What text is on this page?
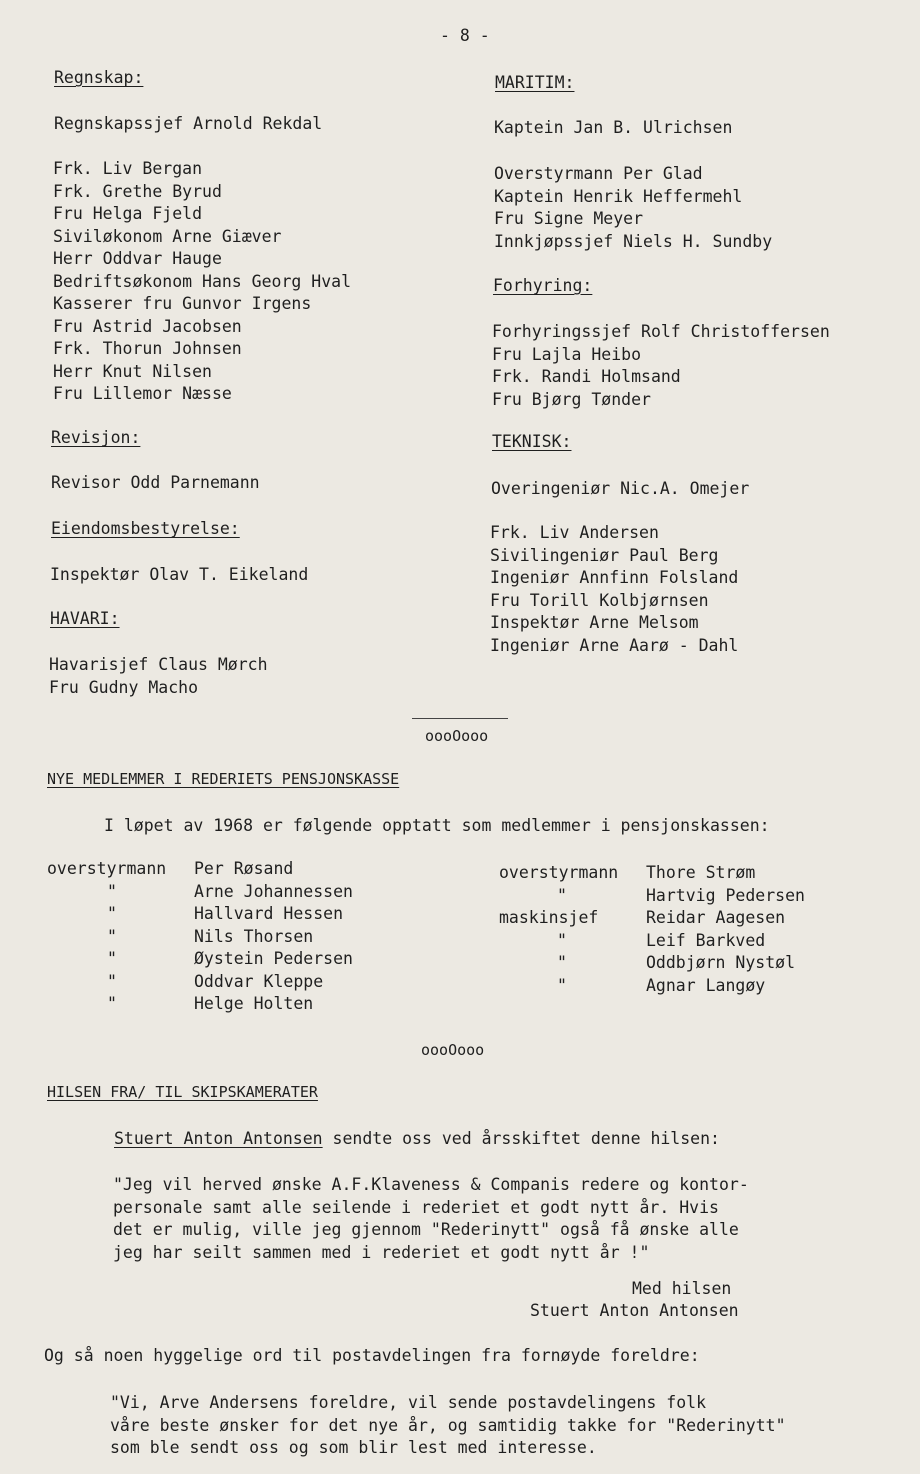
- 8 -
Regnskap:
Regnskapssjef Arnold Rekdal
Frk. Liv Bergan
Frk. Grethe Byrud
Fru Helga Fjeld
Siviløkonom Arne Giæver
Herr Oddvar Hauge
Bedriftsøkonom Hans Georg Hval
Kasserer fru Gunvor Irgens
Fru Astrid Jacobsen
Frk. Thorun Johnsen
Herr Knut Nilsen
Fru Lillemor Næsse
Revisjon:
Revisor Odd Parnemann
Eiendomsbestyrelse:
Inspektør Olav T. Eikeland
HAVARI:
Havarisjef Claus Mørch
Fru Gudny Macho
MARITIM:
Kaptein Jan B. Ulrichsen
Overstyrmann Per Glad
Kaptein Henrik Heffermehl
Fru Signe Meyer
Innkjøpssjef Niels H. Sundby
Forhyring:
Forhyringssjef Rolf Christoffersen
Fru Lajla Heibo
Frk. Randi Holmsand
Fru Bjørg Tønder
TEKNISK:
Overingeniør Nic.A. Omejer
Frk. Liv Andersen
Sivilingeniør Paul Berg
Ingeniør Annfinn Folsland
Fru Torill Kolbjørnsen
Inspektør Arne Melsom
Ingeniør Arne Aarø - Dahl
oooOooo
NYE MEDLEMMER I REDERIETS PENSJONSKASSE
I løpet av 1968 er følgende opptatt som medlemmer i pensjonskassen:
overstyrmann
"
"
"
"
"
"
Per Røsand
Arne Johannessen
Hallvard Hessen
Nils Thorsen
Øystein Pedersen
Oddvar Kleppe
Helge Holten
overstyrmann
"
maskinsjef
"
"
"
Thore Strøm
Hartvig Pedersen
Reidar Aagesen
Leif Barkved
Oddbjørn Nystøl
Agnar Langøy
oooOooo
HILSEN FRA/ TIL SKIPSKAMERATER
Stuert Anton Antonsen sendte oss ved årsskiftet denne hilsen:
"Jeg vil herved ønske A.F.Klaveness & Companis redere og kontor-
personale samt alle seilende i rederiet et godt nytt år. Hvis
det er mulig, ville jeg gjennom "Rederinytt" også få ønske alle
jeg har seilt sammen med i rederiet et godt nytt år !"
Med hilsen
Stuert Anton Antonsen
Og så noen hyggelige ord til postavdelingen fra fornøyde foreldre:
"Vi, Arve Andersens foreldre, vil sende postavdelingens folk
våre beste ønsker for det nye år, og samtidig takke for "Rederinytt"
som ble sendt oss og som blir lest med interesse.
